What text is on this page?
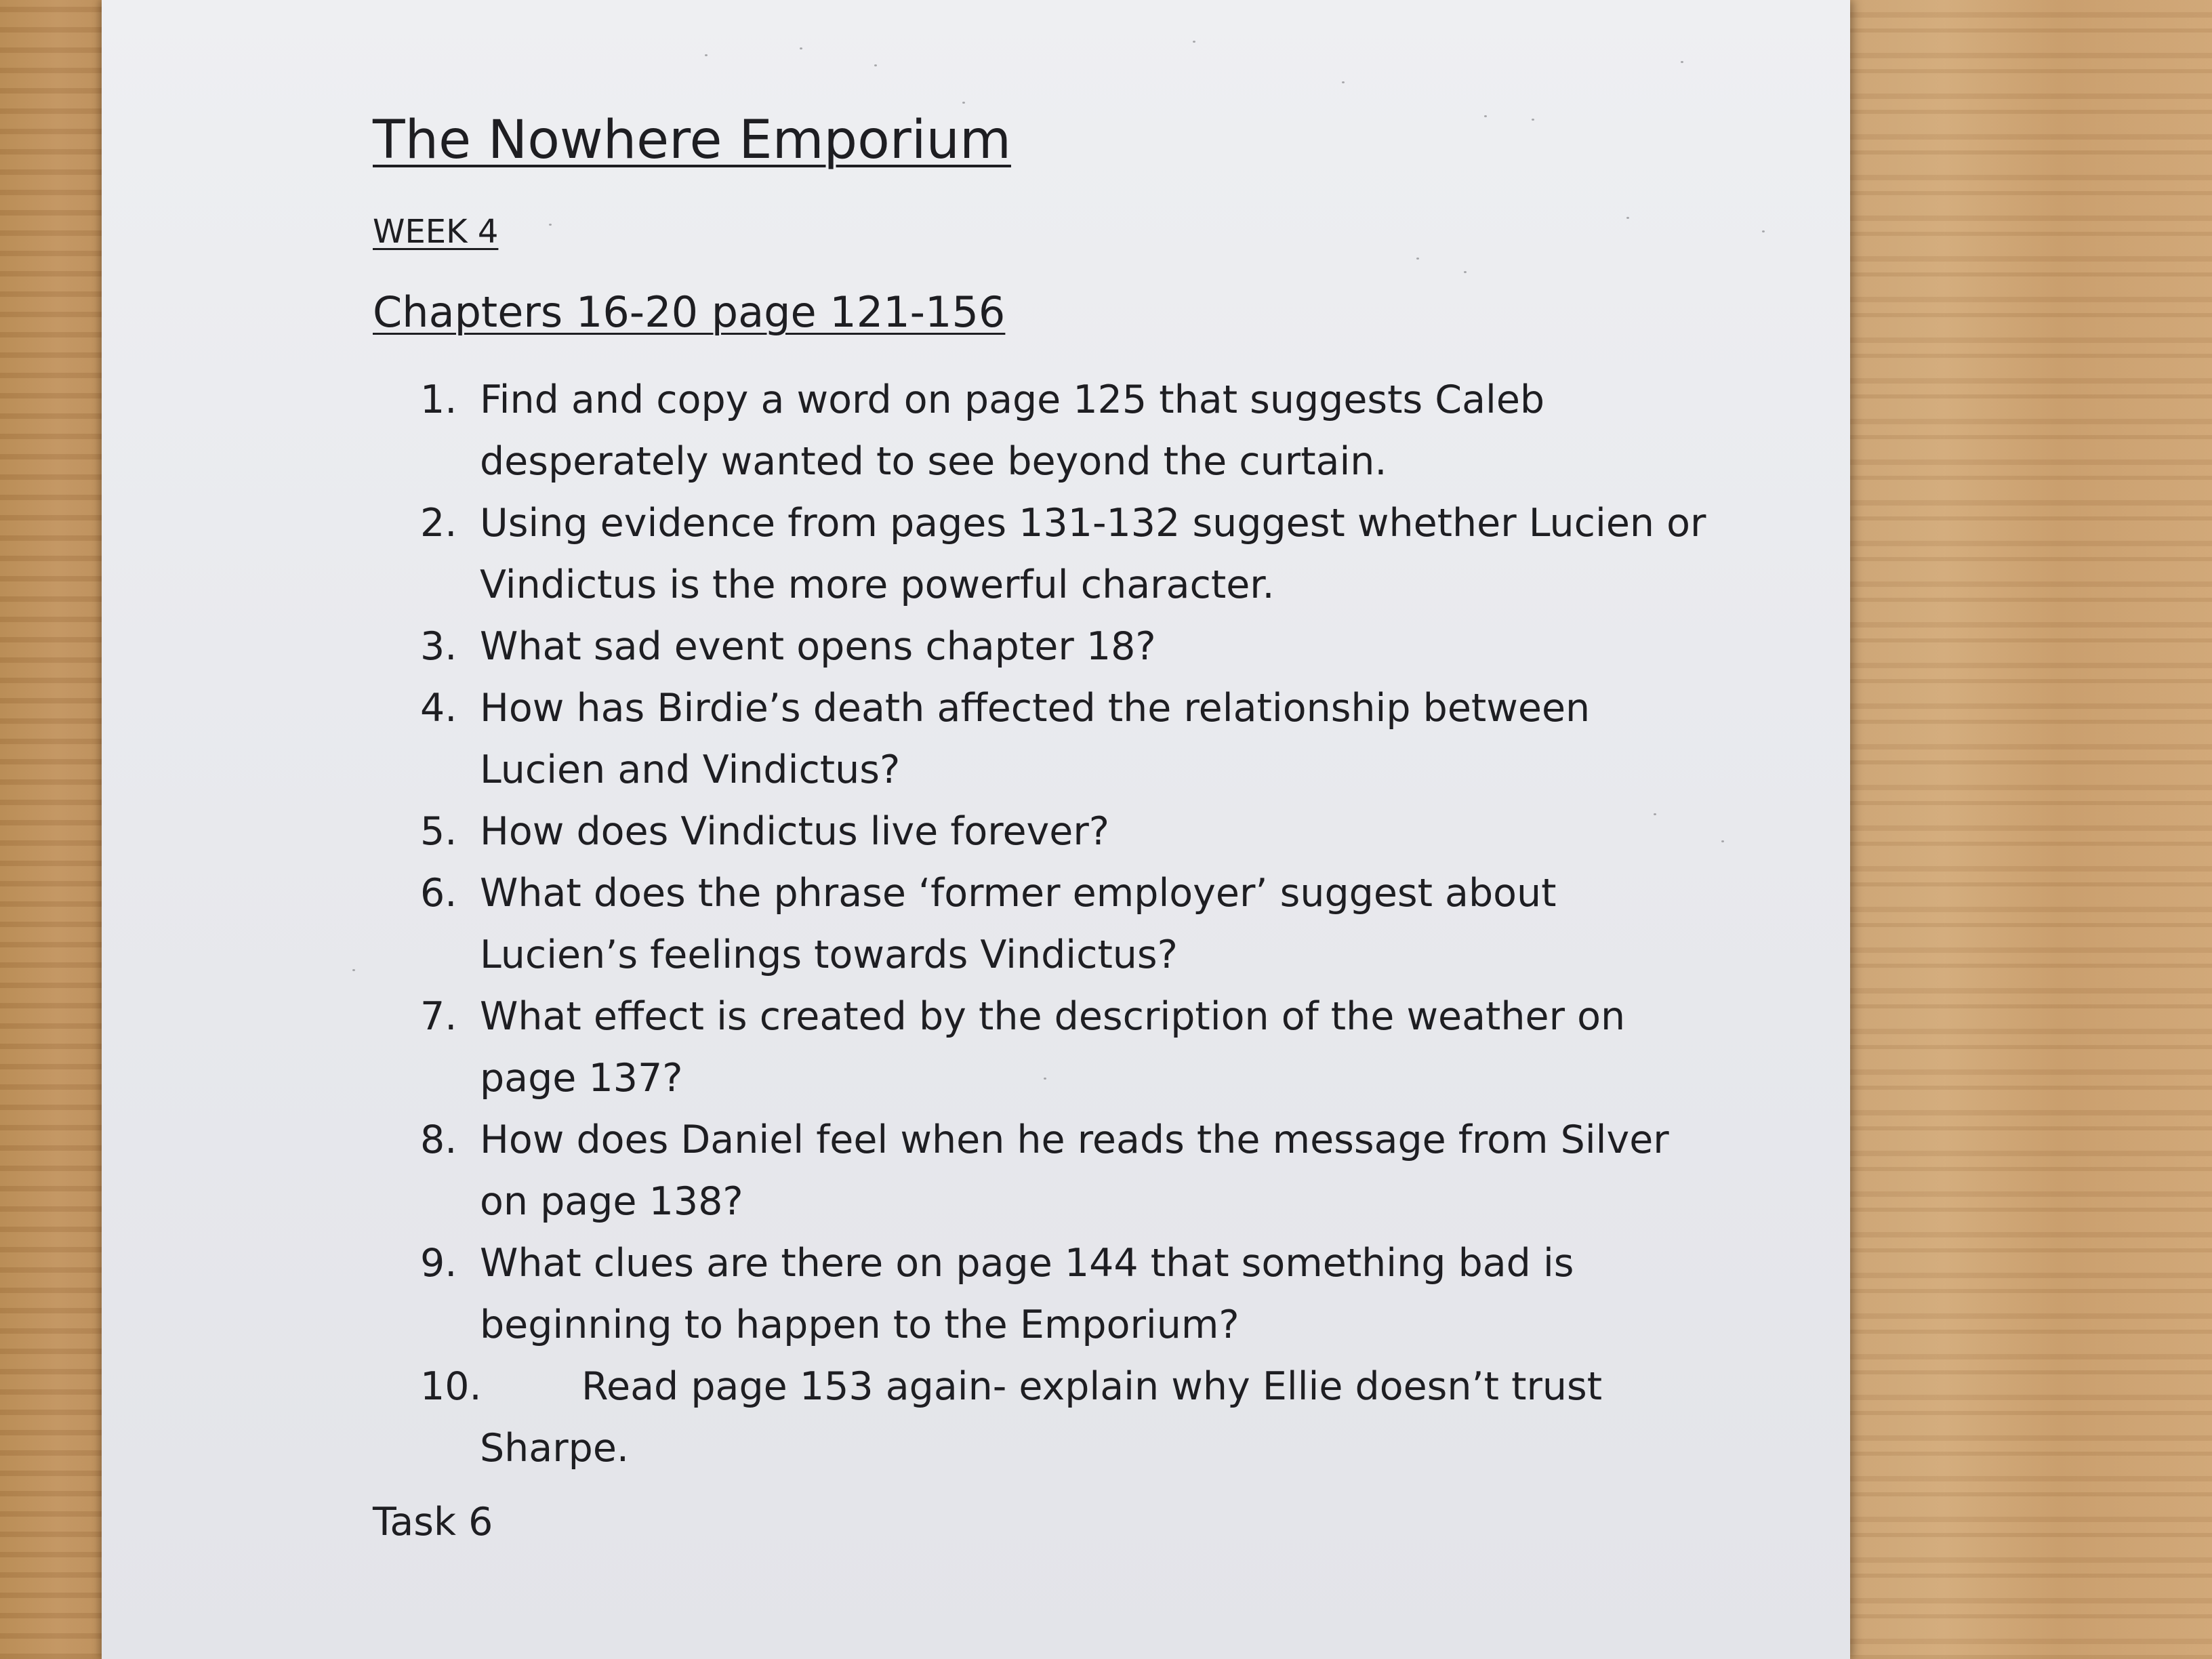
The Nowhere Emporium
WEEK 4
Chapters 16-20 page 121-156
1. Find and copy a word on page 125 that suggests Caleb
desperately wanted to see beyond the curtain.
2. Using evidence from pages 131-132 suggest whether Lucien or
Vindictus is the more powerful character.
3. What sad event opens chapter 18?
4. How has Birdie’s death affected the relationship between
Lucien and Vindictus?
5. How does Vindictus live forever?
6. What does the phrase ‘former employer’ suggest about
Lucien’s feelings towards Vindictus?
7. What effect is created by the description of the weather on
page 137?
8. How does Daniel feel when he reads the message from Silver
on page 138?
9. What clues are there on page 144 that something bad is
beginning to happen to the Emporium?
10.	Read page 153 again- explain why Ellie doesn’t trust
Sharpe.
Task 6
